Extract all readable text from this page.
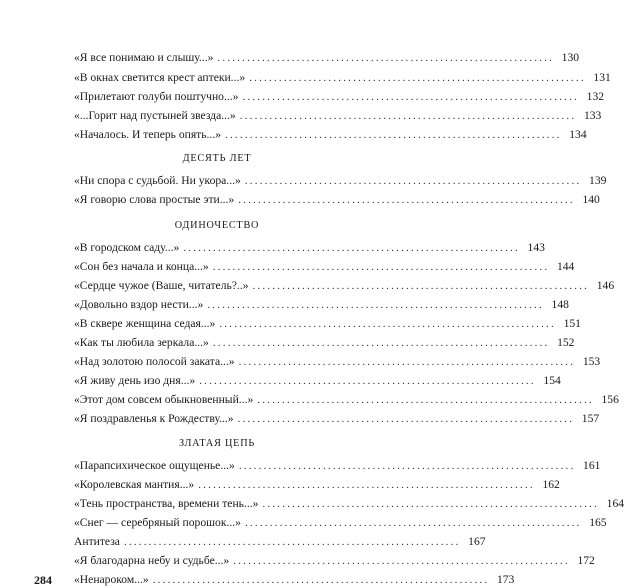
«Я все понимаю и слышу...» .................................................................... 130
«В окнах светится крест аптеки...» .................................................................... 131
«Прилетают голуби поштучно...» .................................................................... 132
«...Горит над пустыней звезда...» .................................................................... 133
«Началось. И теперь опять...» .................................................................... 134
ДЕСЯТЬ ЛЕТ
«Ни спора с судьбой. Ни укора...» .................................................................... 139
«Я говорю слова простые эти...» .................................................................... 140
ОДИНОЧЕСТВО
«В городском саду...» .................................................................... 143
«Сон без начала и конца...» .................................................................... 144
«Сердце чужое (Ваше, читатель?..» .................................................................... 146
«Довольно вздор нести...» .................................................................... 148
«В сквере женщина седая...» .................................................................... 151
«Как ты любила зеркала...» .................................................................... 152
«Над золотою полосой заката...» .................................................................... 153
«Я живу день изо дня...» .................................................................... 154
«Этот дом совсем обыкновенный...» .................................................................... 156
«Я поздравленья к Рождеству...» .................................................................... 157
ЗЛАТАЯ ЦЕПЬ
«Парапсихическое ощущенье...» .................................................................... 161
«Королевская мантия...» .................................................................... 162
«Тень пространства, времени тень...» .................................................................... 164
«Снег — серебряный порошок...» .................................................................... 165
Антитеза .................................................................... 167
«Я благодарна небу и судьбе...» .................................................................... 172
«Ненароком...» .................................................................... 173
284
